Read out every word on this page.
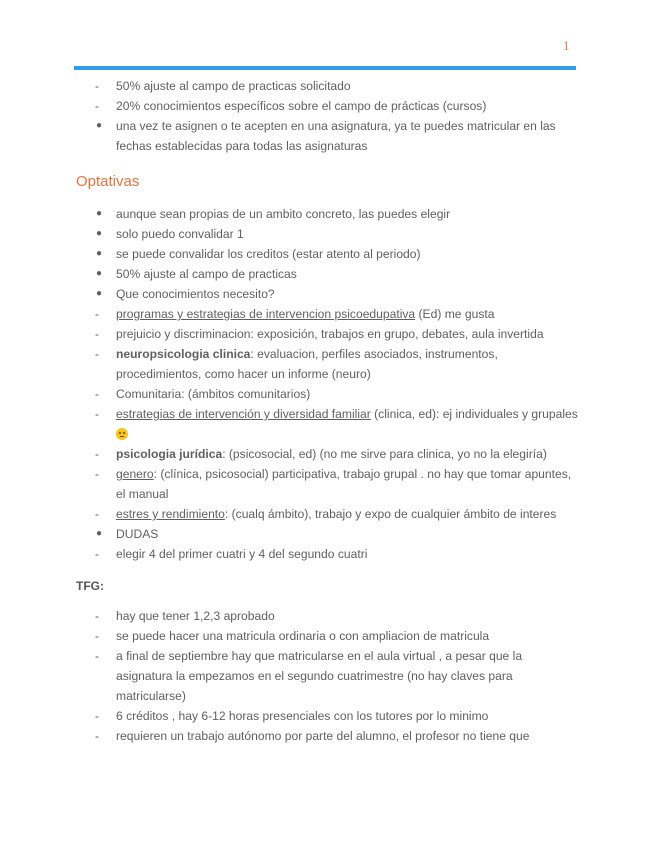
1
- 50% ajuste al campo de practicas solicitado
- 20% conocimientos específicos sobre el campo de prácticas (cursos)
● una vez te asignen o te acepten en una asignatura, ya te puedes matricular en las fechas establecidas para todas las asignaturas
Optativas
● aunque sean propias de un ambito concreto, las puedes elegir
● solo puedo convalidar 1
● se puede convalidar los creditos (estar atento al periodo)
● 50% ajuste al campo de practicas
● Que conocimientos necesito?
- programas y estrategias de intervencion psicoedupativa (Ed) me gusta
- prejuicio y discriminacion: exposición, trabajos en grupo, debates, aula invertida
- neuropsicologia clinica: evaluacion, perfiles asociados, instrumentos, procedimientos, como hacer un informe (neuro)
- Comunitaria: (ámbitos comunitarios)
- estrategias de intervención y diversidad familiar (clinica, ed): ej individuales y grupales
- psicologia jurídica: (psicosocial, ed) (no me sirve para clinica, yo no la elegiría)
- genero: (clínica, psicosocial) participativa, trabajo grupal . no hay que tomar apuntes, el manual
- estres y rendimiento: (cualq ámbito), trabajo y expo de cualquier ámbito de interes
● DUDAS
- elegir 4 del primer cuatri y 4 del segundo cuatri
TFG:
- hay que tener 1,2,3 aprobado
- se puede hacer una matricula ordinaria o con ampliacion de matricula
- a final de septiembre hay que matricularse en el aula virtual , a pesar que la asignatura la empezamos en el segundo cuatrimestre (no hay claves para matricularse)
- 6 créditos , hay 6-12 horas presenciales con los tutores por lo minimo
- requieren un trabajo autónomo por parte del alumno, el profesor no tiene que
